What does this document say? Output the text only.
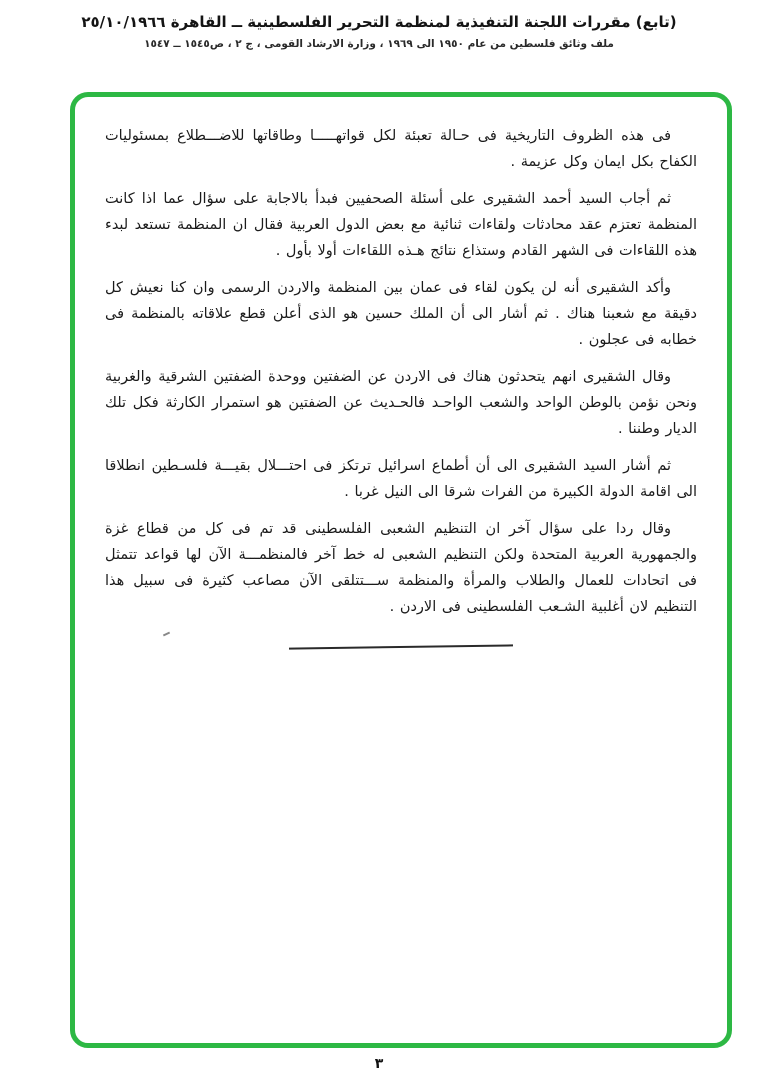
(تابع) مقررات اللجنة التنفيذية لمنظمة التحرير الفلسطينية ــ القاهرة ٢٥/١٠/١٩٦٦
ملف وثائق فلسطين من عام ١٩٥٠ الى ١٩٦٩ ، وزارة الارشاد القومى ، ج ٢ ، ص١٥٤٥ ــ ١٥٤٧

فى هذه الظروف التاريخية فى حـالة تعبئة لكل قواتهـــــا وطاقاتها للاضـــطلاع بمسئوليات الكفاح بكل ايمان وكل عزيمة .

ثم أجاب السيد أحمد الشقيرى على أسئلة الصحفيين فبدأ بالاجابة على سؤال عما اذا كانت المنظمة تعتزم عقد محادثات ولقاءات ثنائية مع بعض الدول العربية فقال ان المنظمة تستعد لبدء هذه اللقاءات فى الشهر القادم وستذاع نتائج هـذه اللقاءات أولا بأول .

وأكد الشقيرى أنه لن يكون لقاء فى عمان بين المنظمة والاردن الرسمى وان كنا نعيش كل دقيقة مع شعبنا هناك . ثم أشار الى أن الملك حسين هو الذى أعلن قطع علاقاته بالمنظمة فى خطابه فى عجلون .

وقال الشقيرى انهم يتحدثون هناك فى الاردن عن الضفتين ووحدة الضفتين الشرقية والغربية ونحن نؤمن بالوطن الواحد والشعب الواحـد فالحـديث عن الضفتين هو استمرار الكارثة فكل تلك الديار وطننا .

ثم أشار السيد الشقيرى الى أن أطماع اسرائيل ترتكز فى احتـــلال بقيـــة فلسـطين انطلاقا الى اقامة الدولة الكبيرة من الفرات شرقا الى النيل غربا .

وقال ردا على سؤال آخر ان التنظيم الشعبى الفلسطينى قد تم فى كل من قطاع غزة والجمهورية العربية المتحدة ولكن التنظيم الشعبى له خط آخر فالمنظمـــة الآن لها قواعد تتمثل فى اتحادات للعمال والطلاب والمرأة والمنظمة ســـتتلقى الآن مصاعب كثيرة فى سبيل هذا التنظيم لان أغلبية الشـعب الفلسطينى فى الاردن .

٣
